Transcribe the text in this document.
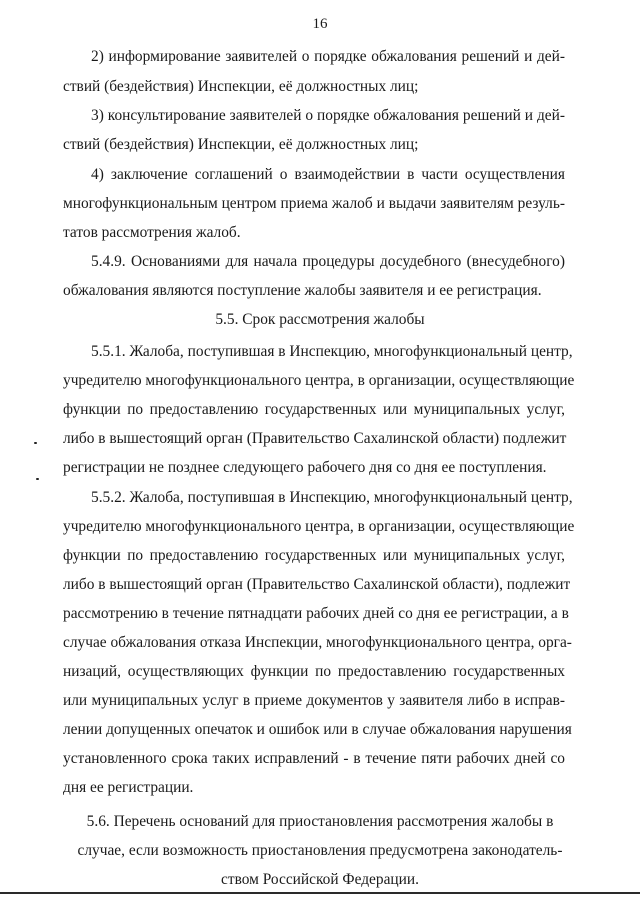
16
2) информирование заявителей о порядке обжалования решений и дей-
ствий (бездействия) Инспекции, её должностных лиц;
3) консультирование заявителей о порядке обжалования решений и дей-
ствий (бездействия) Инспекции, её должностных лиц;
4) заключение соглашений о взаимодействии в части осуществления
многофункциональным центром приема жалоб и выдачи заявителям резуль-
татов рассмотрения жалоб.
5.4.9. Основаниями для начала процедуры досудебного (внесудебного)
обжалования являются поступление жалобы заявителя и ее регистрация.
5.5. Срок рассмотрения жалобы
5.5.1. Жалоба, поступившая в Инспекцию, многофункциональный центр,
учредителю многофункционального центра, в организации, осуществляющие
функции по предоставлению государственных или муниципальных услуг,
либо в вышестоящий орган (Правительство Сахалинской области) подлежит
регистрации не позднее следующего рабочего дня со дня ее поступления.
5.5.2. Жалоба, поступившая в Инспекцию, многофункциональный центр,
учредителю многофункционального центра, в организации, осуществляющие
функции по предоставлению государственных или муниципальных услуг,
либо в вышестоящий орган (Правительство Сахалинской области), подлежит
рассмотрению в течение пятнадцати рабочих дней со дня ее регистрации, а в
случае обжалования отказа Инспекции, многофункционального центра, орга-
низаций, осуществляющих функции по предоставлению государственных
или муниципальных услуг в приеме документов у заявителя либо в исправ-
лении допущенных опечаток и ошибок или в случае обжалования нарушения
установленного срока таких исправлений - в течение пяти рабочих дней со
дня ее регистрации.
5.6. Перечень оснований для приостановления рассмотрения жалобы в
случае, если возможность приостановления предусмотрена законодатель-
ством Российской Федерации.
